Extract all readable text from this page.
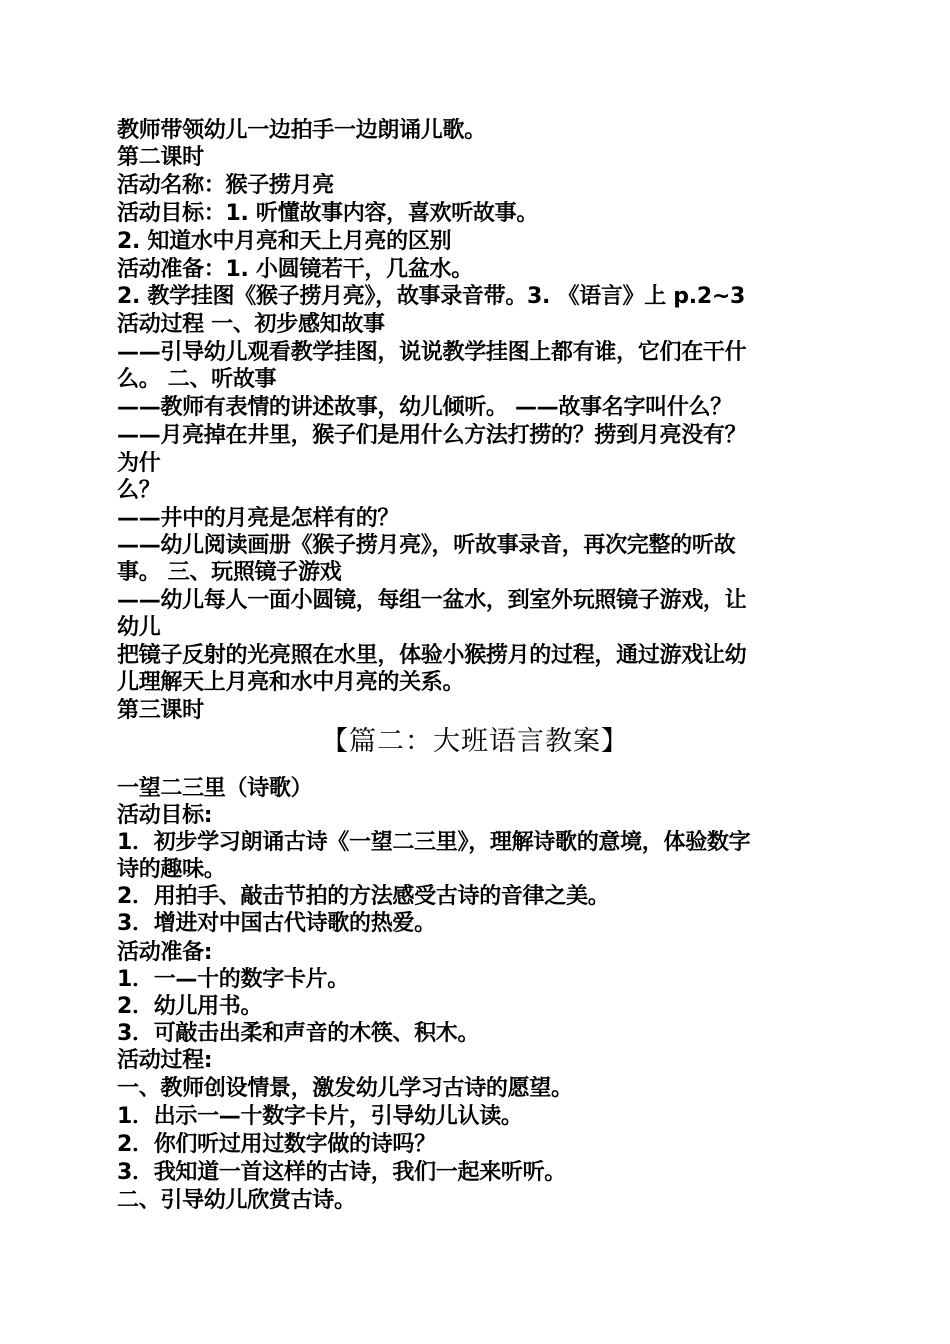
教师带领幼儿一边拍手一边朗诵儿歌。
第二课时
活动名称：猴子捞月亮
活动目标：1. 听懂故事内容，喜欢听故事。
2. 知道水中月亮和天上月亮的区别
活动准备：1. 小圆镜若干，几盆水。
2. 教学挂图《猴子捞月亮》，故事录音带。3. 《语言》上 p.2~3
活动过程 一、初步感知故事
——引导幼儿观看教学挂图，说说教学挂图上都有谁，它们在干什
么。 二、听故事
——教师有表情的讲述故事，幼儿倾听。 ——故事名字叫什么？
——月亮掉在井里，猴子们是用什么方法打捞的？捞到月亮没有？
为什
么？
——井中的月亮是怎样有的？
——幼儿阅读画册《猴子捞月亮》，听故事录音，再次完整的听故
事。 三、玩照镜子游戏
——幼儿每人一面小圆镜，每组一盆水，到室外玩照镜子游戏，让
幼儿
把镜子反射的光亮照在水里，体验小猴捞月的过程，通过游戏让幼
儿理解天上月亮和水中月亮的关系。
第三课时
【篇二：大班语言教案】
一望二三里（诗歌）
活动目标:
1．初步学习朗诵古诗《一望二三里》，理解诗歌的意境，体验数字
诗的趣味。
2．用拍手、敲击节拍的方法感受古诗的音律之美。
3．增进对中国古代诗歌的热爱。
活动准备:
1．一—十的数字卡片。
2．幼儿用书。
3．可敲击出柔和声音的木筷、积木。
活动过程:
一、教师创设情景，激发幼儿学习古诗的愿望。
1．出示一—十数字卡片，引导幼儿认读。
2．你们听过用过数字做的诗吗？
3．我知道一首这样的古诗，我们一起来听听。
二、引导幼儿欣赏古诗。
